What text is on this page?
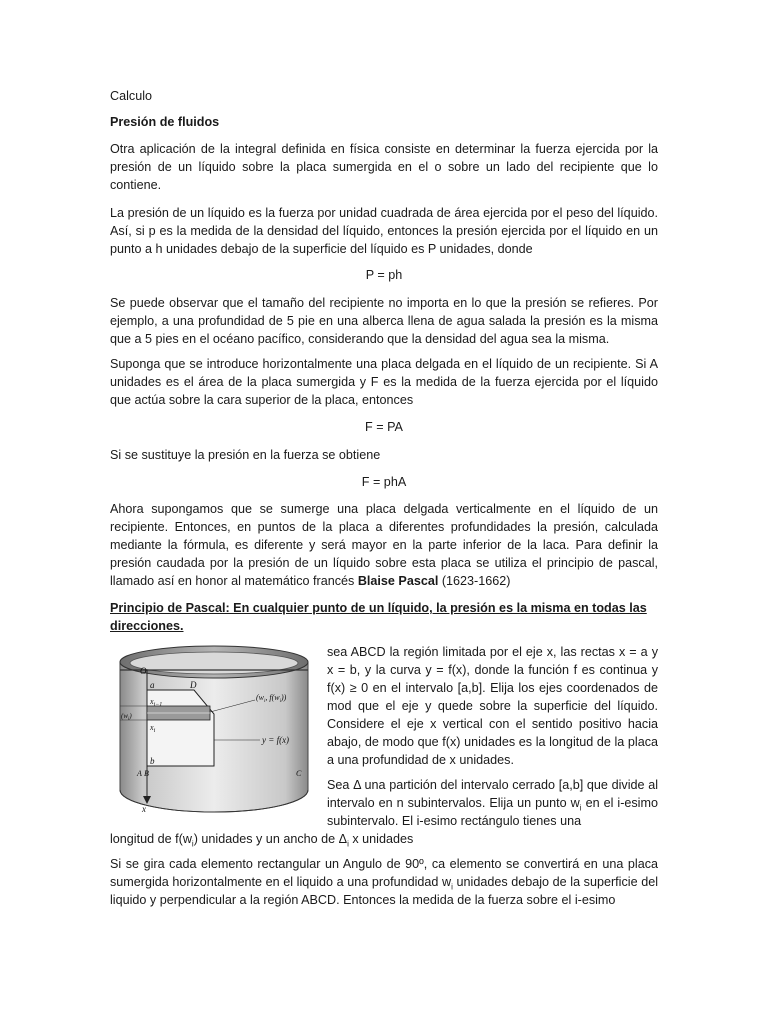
Calculo

Presión de fluidos

Otra aplicación de la integral definida en física consiste en determinar la fuerza ejercida por la presión de un líquido sobre la placa sumergida en el o sobre un lado del recipiente que lo contiene.

La presión de un líquido es la fuerza por unidad cuadrada de área ejercida por el peso del líquido. Así, si p es la medida de la densidad del líquido, entonces la presión ejercida por el líquido en un punto a h unidades debajo de la superficie del líquido es P unidades, donde

P = ph

Se puede observar que el tamaño del recipiente no importa en lo que la presión se refieres. Por ejemplo, a una profundidad de 5 pie en una alberca llena de agua salada la presión es la misma que a 5 pies en el océano pacífico, considerando que la densidad del agua sea la misma.

Suponga que se introduce horizontalmente una placa delgada en el líquido de un recipiente. Si A unidades es el área de la placa sumergida y F es la medida de la fuerza ejercida por el líquido que actúa sobre la cara superior de la placa, entonces

F = PA

Si se sustituye la presión en la fuerza se obtiene

F = phA

Ahora supongamos que se sumerge una placa delgada verticalmente en el líquido de un recipiente. Entonces, en puntos de la placa a diferentes profundidades la presión, calculada mediante la fórmula, es diferente y será mayor en la parte inferior de la laca. Para definir la presión caudada por la presión de un líquido sobre esta placa se utiliza el principio de pascal, llamado así en honor al matemático francés Blaise Pascal (1623-1662)

Principio de Pascal: En cualquier punto de un líquido, la presión es la misma en todas las direcciones.

O
a	D
$x_{i-1}$
$(w_i)$
$x_i$
($w_i$, $f(w_i)$)
y = f(x)
b
A B	C
x

sea ABCD la región limitada por el eje x, las rectas x = a y x = b, y la curva y = f(x), donde la función f es continua y f(x) ≥ 0 en el intervalo [a,b]. Elija los ejes coordenados de mod que el eje y quede sobre la superficie del líquido. Considere el eje x vertical con el sentido positivo hacia abajo, de modo que f(x) unidades es la longitud de la placa a una profundidad de x unidades.

Sea Δ una partición del intervalo cerrado [a,b] que divide al intervalo en n subintervalos. Elija un punto $w_i$ en el i-esimo subintervalo. El i-esimo rectángulo tienes una

longitud de $f(w_i)$ unidades y un ancho de $\Delta_i$ x unidades

Si se gira cada elemento rectangular un Angulo de 90º, ca elemento se convertirá en una placa sumergida horizontalmente en el liquido a una profundidad $w_i$ unidades debajo de la superficie del liquido y perpendicular a la región ABCD. Entonces la medida de la fuerza sobre el i-esimo
